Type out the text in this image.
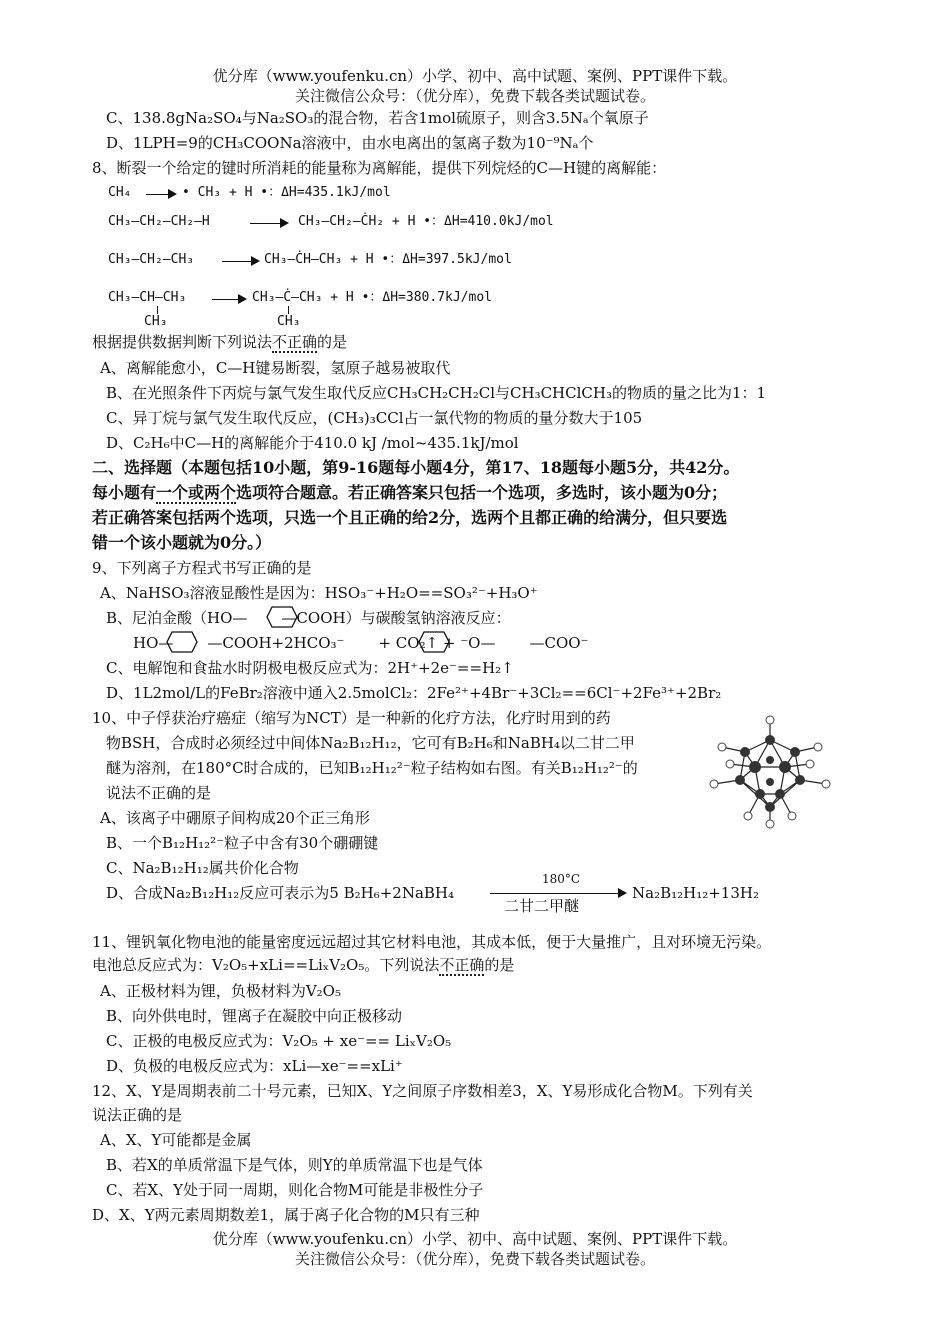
优分库（www.youfenku.cn）小学、初中、高中试题、案例、PPT课件下载。
关注微信公众号：（优分库），免费下载各类试题试卷。
C、138.8gNa₂SO₄与Na₂SO₃的混合物，若含1mol硫原子，则含3.5Nₐ个氧原子
D、1LPH=9的CH₃COONa溶液中，由水电离出的氢离子数为10⁻⁹Nₐ个
8、断裂一个给定的键时所消耗的能量称为离解能，提供下列烷烃的C—H键的离解能：
CH₄	• CH₃ + H •：ΔH=435.1kJ/mol
CH₃—CH₂—CH₂—H	CH₃—CH₂—ĊH₂ + H •：ΔH=410.0kJ/mol
CH₃—CH₂—CH₃	CH₃—ĊH—CH₃ + H •：ΔH=397.5kJ/mol
CH₃—CH—CH₃	CH₃—Ċ—CH₃ + H •：ΔH=380.7kJ/mol
CH₃	CH₃
根据提供数据判断下列说法不正确的是
A、离解能愈小，C—H键易断裂，氢原子越易被取代
B、在光照条件下丙烷与氯气发生取代反应CH₃CH₂CH₂Cl与CH₃CHClCH₃的物质的量之比为1：1
C、异丁烷与氯气发生取代反应，(CH₃)₃CCl占一氯代物的物质的量分数大于105
D、C₂H₆中C—H的离解能介于410.0 kJ /mol~435.1kJ/mol
二、选择题（本题包括10小题，第9-16题每小题4分，第17、18题每小题5分，共42分。
每小题有一个或两个选项符合题意。若正确答案只包括一个选项，多选时，该小题为0分；
若正确答案包括两个选项，只选一个且正确的给2分，选两个且都正确的给满分，但只要选
错一个该小题就为0分。）
9、下列离子方程式书写正确的是
A、NaHSO₃溶液显酸性是因为：HSO₃⁻+H₂O==SO₃²⁻+H₃O⁺
B、尼泊金酸（HO— —COOH）与碳酸氢钠溶液反应：
HO— —COOH+2HCO₃⁻ + CO₂↑ + ⁻O— —COO⁻
C、电解饱和食盐水时阴极电极反应式为：2H⁺+2e⁻==H₂↑
D、1L2mol/L的FeBr₂溶液中通入2.5molCl₂：2Fe²⁺+4Br⁻+3Cl₂==6Cl⁻+2Fe³⁺+2Br₂
10、中子俘获治疗癌症（缩写为NCT）是一种新的化疗方法，化疗时用到的药
物BSH，合成时必须经过中间体Na₂B₁₂H₁₂，它可有B₂H₆和NaBH₄以二甘二甲
醚为溶剂，在180°C时合成的，已知B₁₂H₁₂²⁻粒子结构如右图。有关B₁₂H₁₂²⁻的
说法不正确的是
A、该离子中硼原子间构成20个正三角形
B、一个B₁₂H₁₂²⁻粒子中含有30个硼硼键
C、Na₂B₁₂H₁₂属共价化合物
D、合成Na₂B₁₂H₁₂反应可表示为5 B₂H₆+2NaBH₄
180°C
Na₂B₁₂H₁₂+13H₂
二甘二甲醚
11、锂钒氧化物电池的能量密度远远超过其它材料电池，其成本低，便于大量推广，且对环境无污染。
电池总反应式为：V₂O₅+xLi==LiₓV₂O₅。下列说法不正确的是
A、正极材料为锂，负极材料为V₂O₅
B、向外供电时，锂离子在凝胶中向正极移动
C、正极的电极反应式为：V₂O₅ + xe⁻== LiₓV₂O₅
D、负极的电极反应式为：xLi—xe⁻==xLi⁺
12、X、Y是周期表前二十号元素，已知X、Y之间原子序数相差3，X、Y易形成化合物M。下列有关
说法正确的是
A、X、Y可能都是金属
B、若X的单质常温下是气体，则Y的单质常温下也是气体
C、若X、Y处于同一周期，则化合物M可能是非极性分子
D、X、Y两元素周期数差1，属于离子化合物的M只有三种
优分库（www.youfenku.cn）小学、初中、高中试题、案例、PPT课件下载。
关注微信公众号：（优分库），免费下载各类试题试卷。
